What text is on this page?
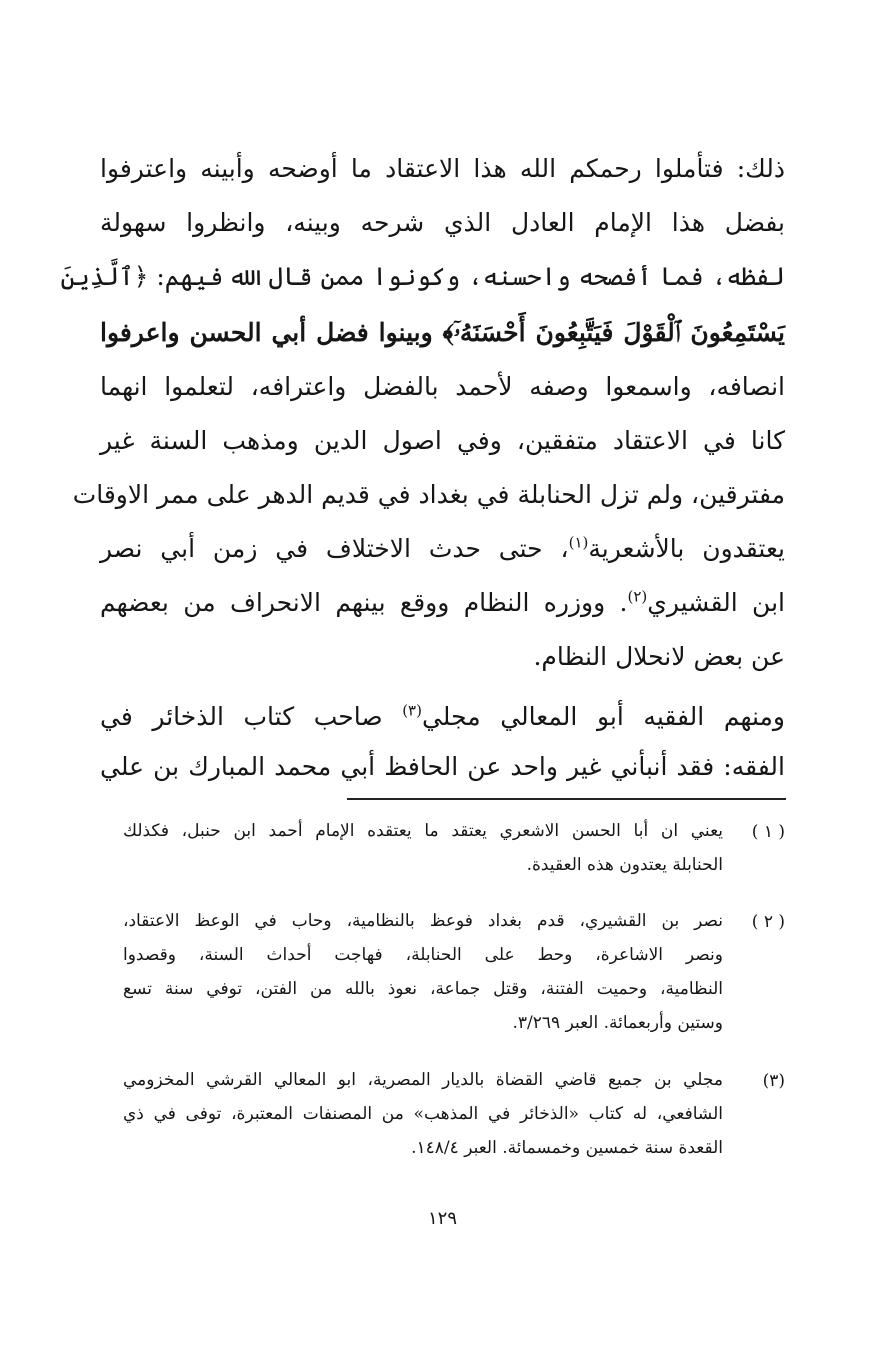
ذلك: فتأملوا رحمكم الله هذا الاعتقاد ما أوضحه وأبينه واعترفوا
بفضل هذا الإمام العادل الذي شرحه وبينه، وانظروا سهولة
لفظه، فما أفصحه واحسنه، وكونوا ممن قال الله فيهم: ﴿ٱلَّذِينَ
يَسْتَمِعُونَ ٱلْقَوْلَ فَيَتَّبِعُونَ أَحْسَنَهُۥٓ﴾ وبينوا فضل أبي الحسن واعرفوا
انصافه، واسمعوا وصفه لأحمد بالفضل واعترافه، لتعلموا انهما
كانا في الاعتقاد متفقين، وفي اصول الدين ومذهب السنة غير
مفترقين، ولم تزل الحنابلة في بغداد في قديم الدهر على ممر الاوقات
يعتقدون بالأشعرية$^{(١)}$، حتى حدث الاختلاف في زمن أبي نصر
ابن القشيري$^{(٢)}$. ووزره النظام ووقع بينهم الانحراف من بعضهم
عن بعض لانحلال النظام.
ومنهم الفقيه أبو المعالي مجلي$^{(٣)}$ صاحب كتاب الذخائر في
الفقه: فقد أنبأني غير واحد عن الحافظ أبي محمد المبارك بن علي
( ١ )
يعني ان أبا الحسن الاشعري يعتقد ما يعتقده الإمام أحمد ابن حنبل، فكذلك
الحنابلة يعتدون هذه العقيدة.
( ٢ )
نصر بن القشيري، قدم بغداد فوعظ بالنظامية، وحاب في الوعظ الاعتقاد،
ونصر الاشاعرة، وحط على الحنابلة، فهاجت أحداث السنة، وقصدوا
النظامية، وحميت الفتنة، وقتل جماعة، نعوذ بالله من الفتن، توفي سنة تسع
وستين وأربعمائة. العبر ٣/٢٦٩.
(٣)
مجلي بن جميع قاضي القضاة بالديار المصرية، ابو المعالي القرشي المخزومي
الشافعي، له كتاب «الذخائر في المذهب» من المصنفات المعتبرة، توفى في ذي
القعدة سنة خمسين وخمسمائة. العبر ١٤٨/٤.
١٢٩
